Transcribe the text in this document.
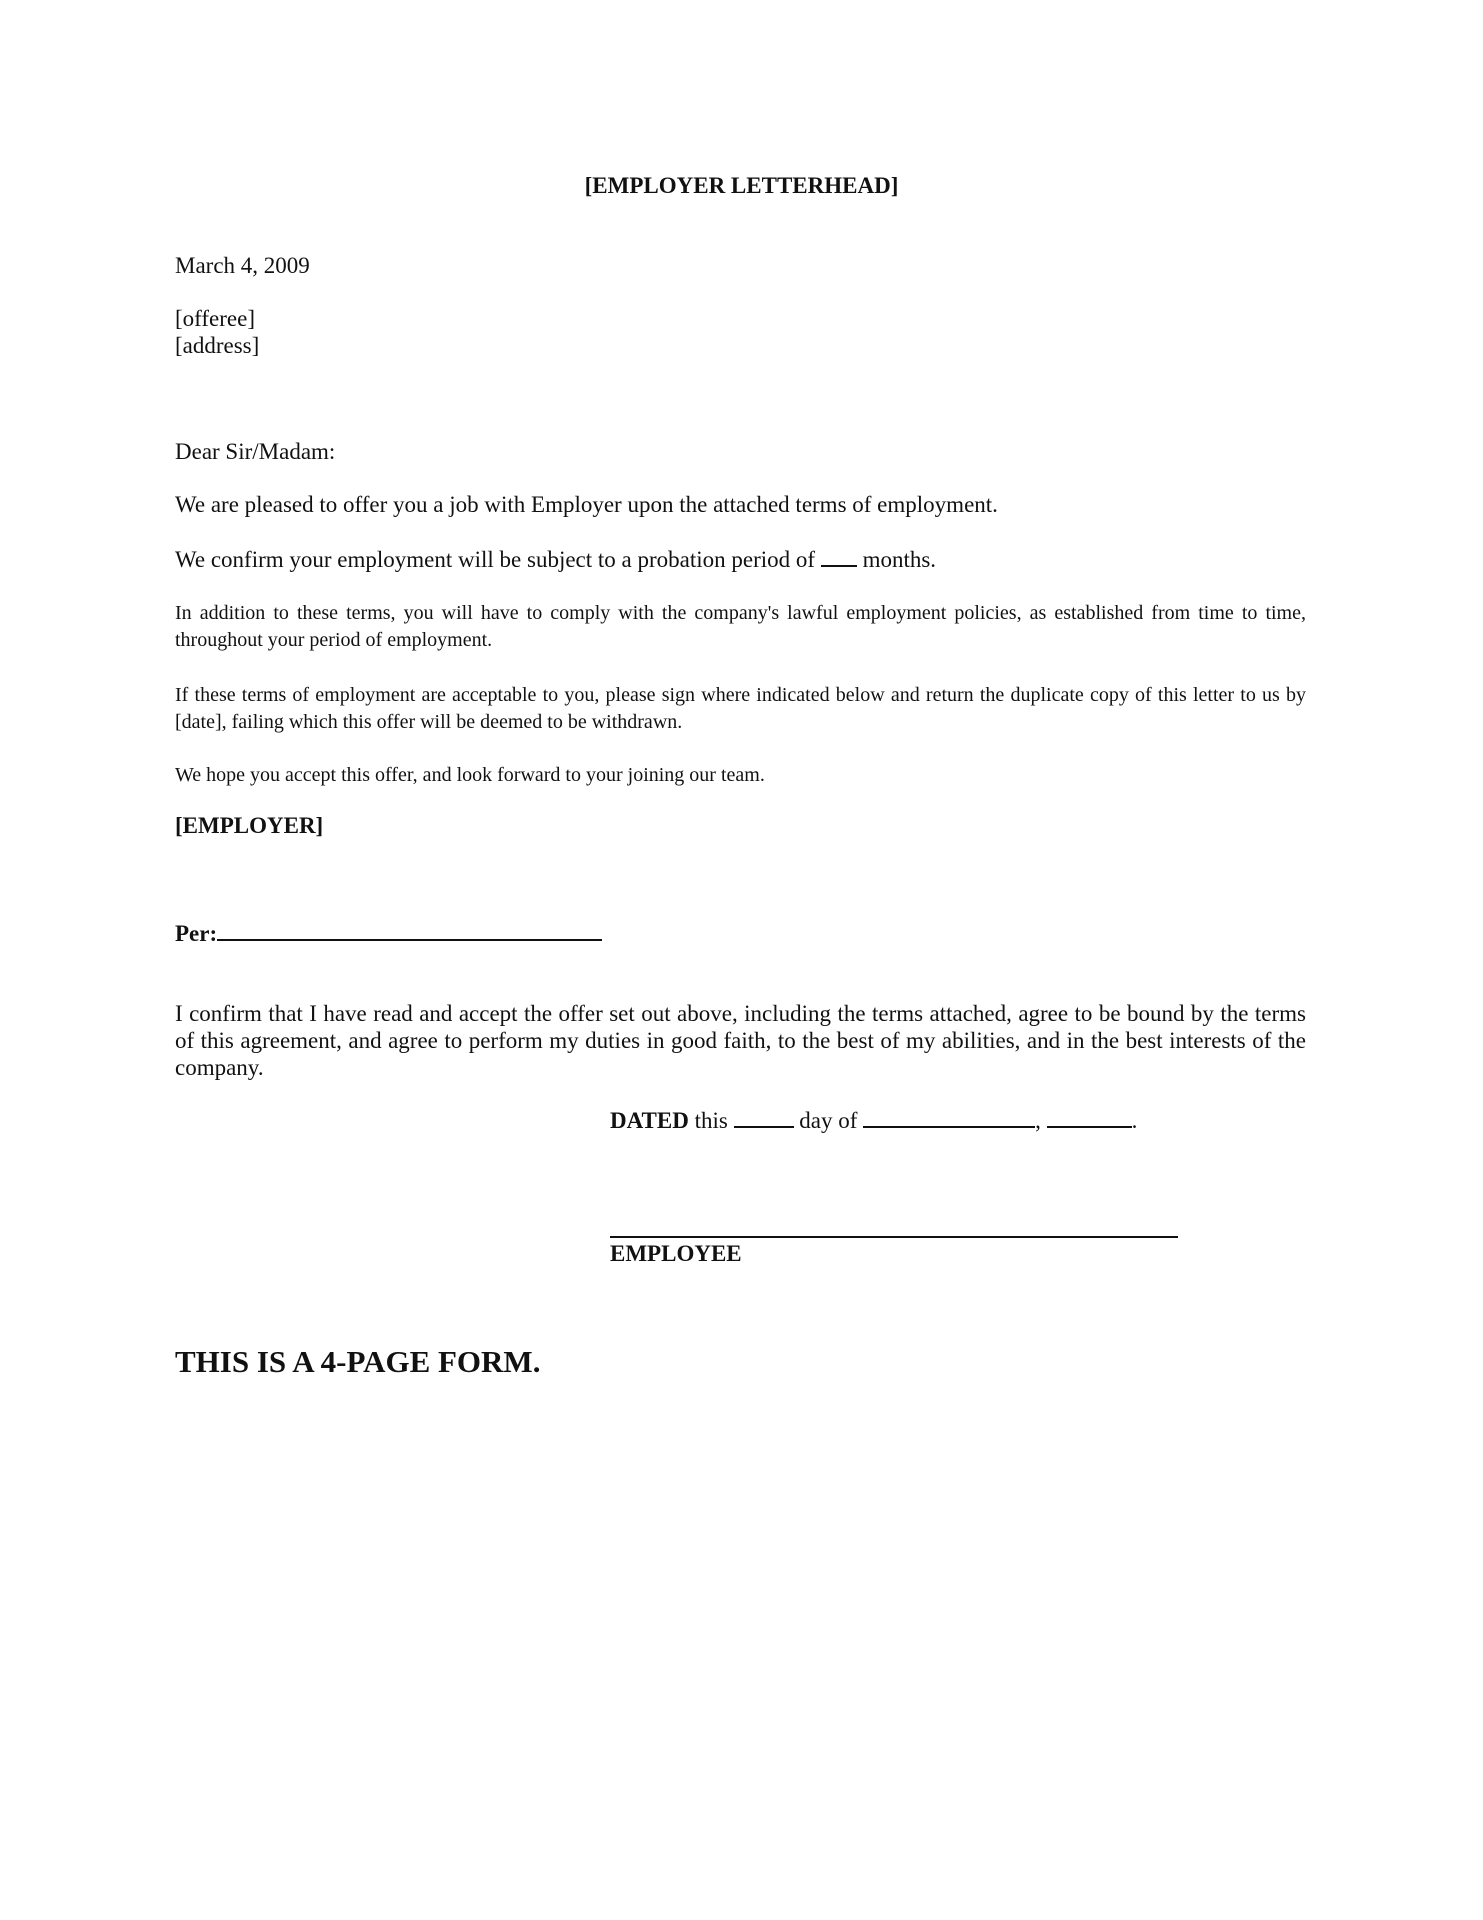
[EMPLOYER LETTERHEAD]
March 4, 2009
[offeree]
[address]
Dear Sir/Madam:
We are pleased to offer you a job with Employer upon the attached terms of employment.
We confirm your employment will be subject to a probation period of months.
In addition to these terms, you will have to comply with the company's lawful employment policies, as established from time to time, throughout your period of employment.
If these terms of employment are acceptable to you, please sign where indicated below and return the duplicate copy of this letter to us by [date], failing which this offer will be deemed to be withdrawn.
We hope you accept this offer, and look forward to your joining our team.
[EMPLOYER]
Per:
I confirm that I have read and accept the offer set out above, including the terms attached, agree to be bound by the terms of this agreement, and agree to perform my duties in good faith, to the best of my abilities, and in the best interests of the company.
DATED this	day of	,	.
EMPLOYEE
THIS IS A 4-PAGE FORM.
